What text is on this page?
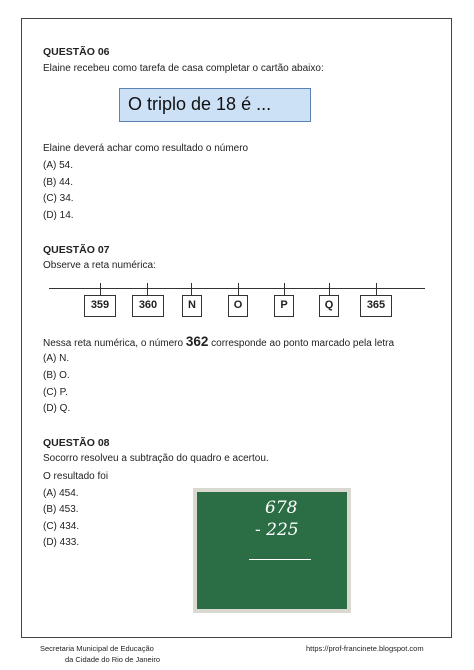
QUESTÃO 06
Elaine recebeu como tarefa de casa completar o cartão abaixo:
O triplo de 18 é ...
Elaine deverá achar como resultado o número
(A) 54.
(B) 44.
(C) 34.
(D) 14.
QUESTÃO 07
Observe a reta numérica:
359	360	N	O	P	Q	365
Nessa reta numérica, o número 362 corresponde ao ponto marcado pela letra
(A) N.
(B) O.
(C) P.
(D) Q.
QUESTÃO 08
Socorro resolveu a subtração do quadro e acertou.
O resultado foi
(A) 454.
(B) 453.
(C) 434.
(D) 433.
678
- 225
Secretaria Municipal de Educação
da Cidade do Rio de Janeiro
https://prof-francinete.blogspot.com
